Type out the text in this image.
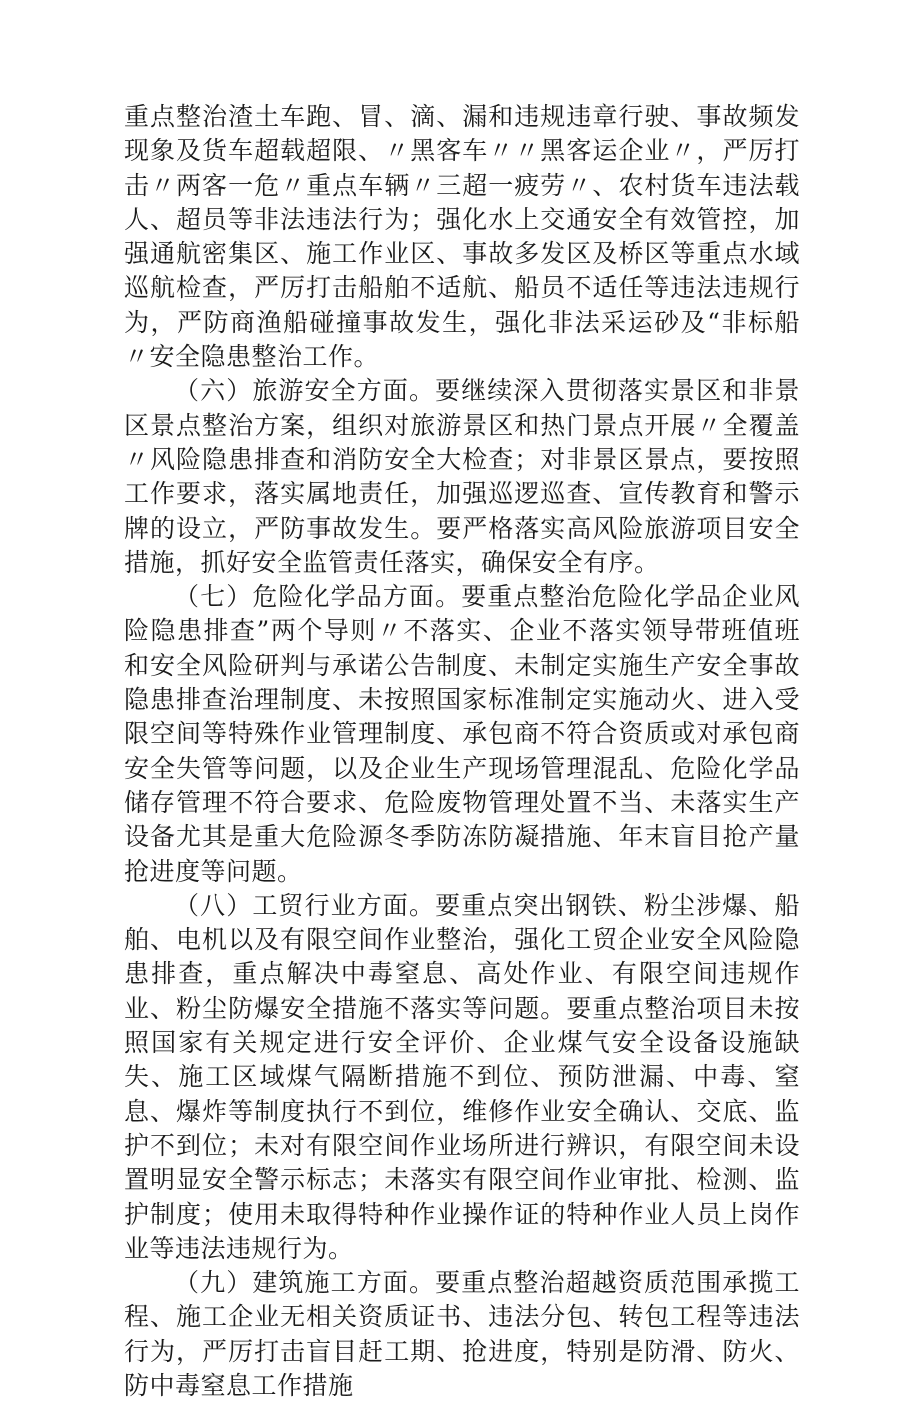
重点整治渣土车跑、冒、滴、漏和违规违章行驶、事故频发现象及货车超载超限、〃黑客车〃〃黑客运企业〃，严厉打击〃两客一危〃重点车辆〃三超一疲劳〃、农村货车违法载人、超员等非法违法行为；强化水上交通安全有效管控，加强通航密集区、施工作业区、事故多发区及桥区等重点水域巡航检查，严厉打击船舶不适航、船员不适任等违法违规行为，严防商渔船碰撞事故发生，强化非法采运砂及“非标船〃安全隐患整治工作。

（六）旅游安全方面。要继续深入贯彻落实景区和非景区景点整治方案，组织对旅游景区和热门景点开展〃全覆盖〃风险隐患排查和消防安全大检查；对非景区景点，要按照工作要求，落实属地责任，加强巡逻巡查、宣传教育和警示牌的设立，严防事故发生。要严格落实高风险旅游项目安全措施，抓好安全监管责任落实，确保安全有序。

（七）危险化学品方面。要重点整治危险化学品企业风险隐患排查”两个导则〃不落实、企业不落实领导带班值班和安全风险研判与承诺公告制度、未制定实施生产安全事故隐患排查治理制度、未按照国家标准制定实施动火、进入受限空间等特殊作业管理制度、承包商不符合资质或对承包商安全失管等问题，以及企业生产现场管理混乱、危险化学品储存管理不符合要求、危险废物管理处置不当、未落实生产设备尤其是重大危险源冬季防冻防凝措施、年末盲目抢产量抢进度等问题。

（八）工贸行业方面。要重点突出钢铁、粉尘涉爆、船舶、电机以及有限空间作业整治，强化工贸企业安全风险隐患排查，重点解决中毒窒息、高处作业、有限空间违规作业、粉尘防爆安全措施不落实等问题。要重点整治项目未按照国家有关规定进行安全评价、企业煤气安全设备设施缺失、施工区域煤气隔断措施不到位、预防泄漏、中毒、窒息、爆炸等制度执行不到位，维修作业安全确认、交底、监护不到位；未对有限空间作业场所进行辨识，有限空间未设置明显安全警示标志；未落实有限空间作业审批、检测、监护制度；使用未取得特种作业操作证的特种作业人员上岗作业等违法违规行为。

（九）建筑施工方面。要重点整治超越资质范围承揽工程、施工企业无相关资质证书、违法分包、转包工程等违法行为，严厉打击盲目赶工期、抢进度，特别是防滑、防火、防中毒窒息工作措施
